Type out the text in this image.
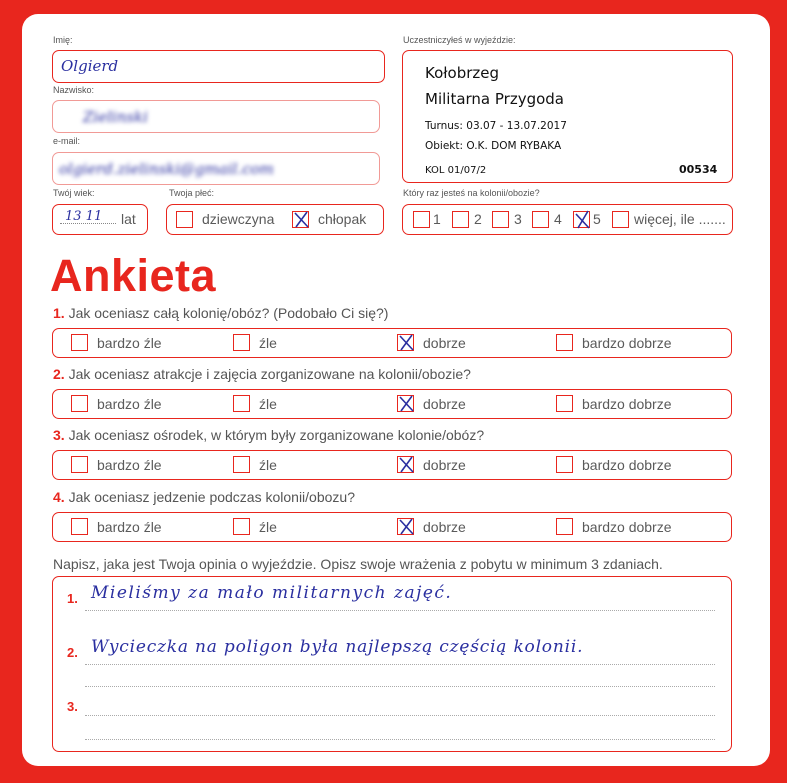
Imię:
Olgierd
Nazwisko:
Zielinski
e-mail:
olgierd.zielinski@gmail.com
Twój wiek:
13 11 lat
Twoja płeć:
dziewczyna	chłopak
Uczestniczyłeś w wyjeździe:
Kołobrzeg
Militarna Przygoda
Turnus: 03.07 - 13.07.2017
Obiekt: O.K. DOM RYBAKA
KOL 01/07/2	00534
Który raz jesteś na kolonii/obozie?
1 2 3 4 5 więcej, ile .......
Ankieta
1. Jak oceniasz całą kolonię/obóz? (Podobało Ci się?)
bardzo źle	źle	dobrze	bardzo dobrze
2. Jak oceniasz atrakcje i zajęcia zorganizowane na kolonii/obozie?
bardzo źle	źle	dobrze	bardzo dobrze
3. Jak oceniasz ośrodek, w którym były zorganizowane kolonie/obóz?
bardzo źle	źle	dobrze	bardzo dobrze
4. Jak oceniasz jedzenie podczas kolonii/obozu?
bardzo źle	źle	dobrze	bardzo dobrze
Napisz, jaka jest Twoja opinia o wyjeździe. Opisz swoje wrażenia z pobytu w minimum 3 zdaniach.
1. Mieliśmy za mało militarnych zajęć.
2. Wycieczka na poligon była najlepszą częścią kolonii.
3.
